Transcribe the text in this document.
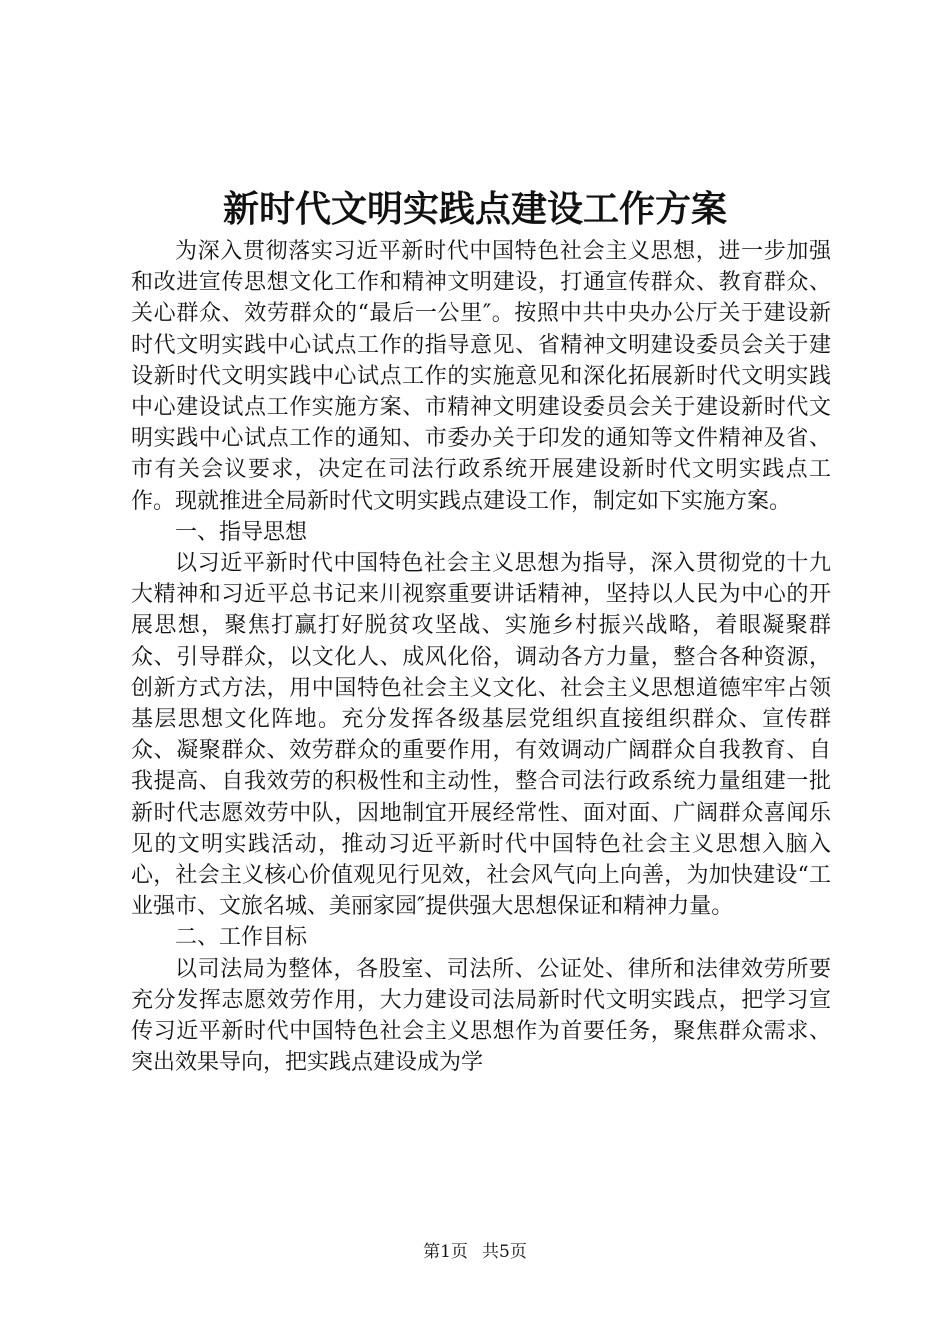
新时代文明实践点建设工作方案

为深入贯彻落实习近平新时代中国特色社会主义思想，进一步加强和改进宣传思想文化工作和精神文明建设，打通宣传群众、教育群众、关心群众、效劳群众的“最后一公里″。按照中共中央办公厅关于建设新时代文明实践中心试点工作的指导意见、省精神文明建设委员会关于建设新时代文明实践中心试点工作的实施意见和深化拓展新时代文明实践中心建设试点工作实施方案、市精神文明建设委员会关于建设新时代文明实践中心试点工作的通知、市委办关于印发的通知等文件精神及省、市有关会议要求，决定在司法行政系统开展建设新时代文明实践点工作。现就推进全局新时代文明实践点建设工作，制定如下实施方案。

一、指导思想

以习近平新时代中国特色社会主义思想为指导，深入贯彻党的十九大精神和习近平总书记来川视察重要讲话精神，坚持以人民为中心的开展思想，聚焦打赢打好脱贫攻坚战、实施乡村振兴战略，着眼凝聚群众、引导群众，以文化人、成风化俗，调动各方力量，整合各种资源，创新方式方法，用中国特色社会主义文化、社会主义思想道德牢牢占领基层思想文化阵地。充分发挥各级基层党组织直接组织群众、宣传群众、凝聚群众、效劳群众的重要作用，有效调动广阔群众自我教育、自我提高、自我效劳的积极性和主动性，整合司法行政系统力量组建一批新时代志愿效劳中队，因地制宜开展经常性、面对面、广阔群众喜闻乐见的文明实践活动，推动习近平新时代中国特色社会主义思想入脑入心，社会主义核心价值观见行见效，社会风气向上向善，为加快建设“工业强市、文旅名城、美丽家园″提供强大思想保证和精神力量。

二、工作目标

以司法局为整体，各股室、司法所、公证处、律所和法律效劳所要充分发挥志愿效劳作用，大力建设司法局新时代文明实践点，把学习宣传习近平新时代中国特色社会主义思想作为首要任务，聚焦群众需求、突出效果导向，把实践点建设成为学

第1页 共5页
